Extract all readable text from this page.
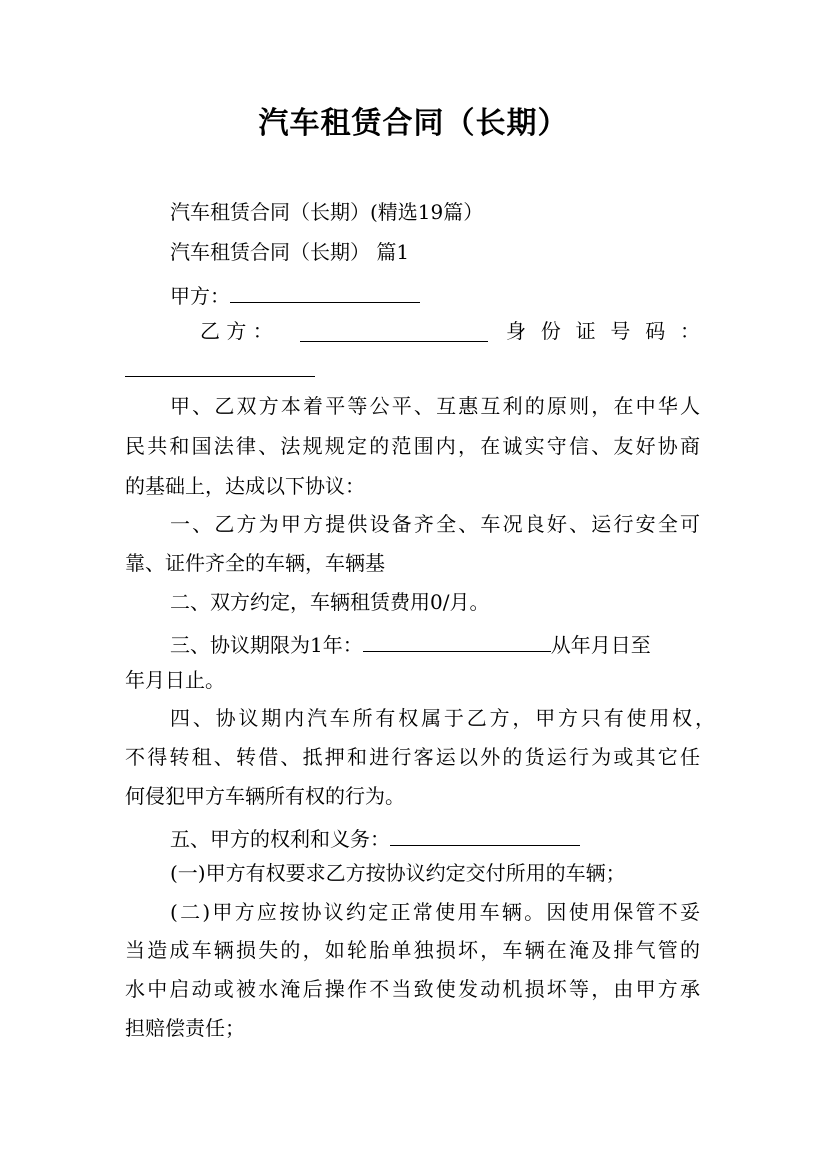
汽车租赁合同（长期）
汽车租赁合同（长期）(精选19篇）
汽车租赁合同（长期） 篇1
甲方：
乙 方 ：	身 份 证 号 码 ：
甲、乙双方本着平等公平、互惠互利的原则，在中华人
民共和国法律、法规规定的范围内，在诚实守信、友好协商
的基础上，达成以下协议：
一、乙方为甲方提供设备齐全、车况良好、运行安全可
靠、证件齐全的车辆，车辆基
二、双方约定，车辆租赁费用0/月。
三、协议期限为1年：	从年月日至
年月日止。
四、协议期内汽车所有权属于乙方，甲方只有使用权，
不得转租、转借、抵押和进行客运以外的货运行为或其它任
何侵犯甲方车辆所有权的行为。
五、甲方的权利和义务：
(一)甲方有权要求乙方按协议约定交付所用的车辆；
(二)甲方应按协议约定正常使用车辆。因使用保管不妥
当造成车辆损失的，如轮胎单独损坏，车辆在淹及排气管的
水中启动或被水淹后操作不当致使发动机损坏等，由甲方承
担赔偿责任；
